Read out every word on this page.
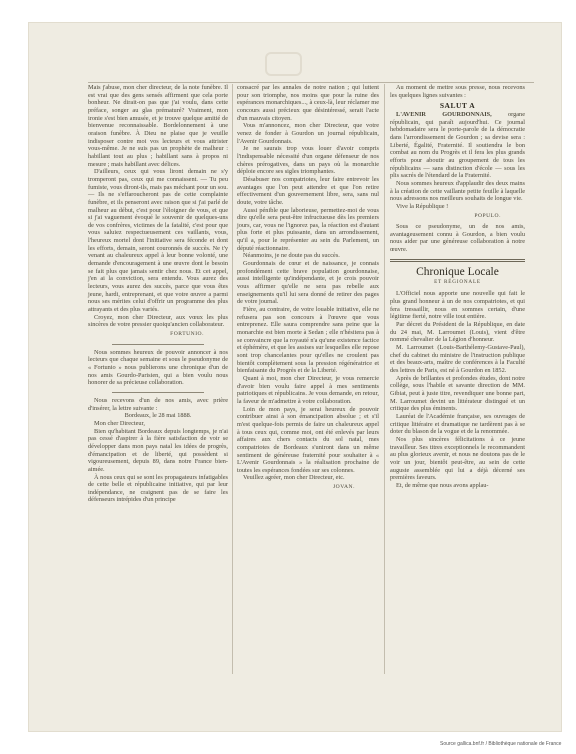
Mais j'abuse, mon cher directeur, de la note funèbre. Il est vrai que des gens sensés affirment que cela porte bonheur. Ne dirait-on pas que j'ai voulu, dans cette préface, songer au glas prématuré? Vraiment, mon ironie s'est bien amusée, et je trouve quelque amitié de bienvenue reconnaissable. Bordelonnement à une oraison funèbre. À Dieu ne plaise que je veuille indisposer contre moi vos lecteurs et vous attrister vous-même. Je ne suis pas un prophète de malheur : habillant tout au plus ; habillant sans à propos ni mesure ; mais habillant avec délices.

D'ailleurs, ceux qui vous liront demain ne s'y tromperont pas, ceux qui me connaissent. — Tu peu fumiste, vous diront-ils, mais pas méchant pour un sou. — Ils ne s'effaroucheront pas de cette complainte funèbre, et ils penseront avec raison que si j'ai parlé de malheur au début, c'est pour l'éloigner de vous, et que si j'ai vaguement évoqué le souvenir de quelques-uns de vos confrères, victimes de la fatalité, c'est pour que vous saluiez respectueusement ces vaillants, vous, l'heureux mortel dont l'initiative sera féconde et dont les efforts, demain, seront couronnés de succès. Ne t'y venant au chaleureux appel à leur bonne volonté, une demande d'encouragement à une œuvre dont le besoin se fait plus que jamais sentir chez nous. Et cet appel, j'en ai la conviction, sera entendu. Vous aurez des lecteurs, vous aurez des succès, parce que vous êtes jeune, hardi, entreprenant, et que votre œuvre a parmi nous ses mérites celui d'offrir un programme des plus attrayants et des plus variés.

Croyez, mon cher Directeur, aux vœux les plus sincères de votre pressier quoiqu'ancien collaborateur.

FORTUNIO.

Nous sommes heureux de pouvoir annoncer à nos lecteurs que chaque semaine et sous le pseudonyme de « Fortunio » nous publierons une chronique d'un de nos amis Gourdo-Parisien, qui a bien voulu nous honorer de sa précieuse collaboration.

Nous recevons d'un de nos amis, avec prière d'insérer, la lettre suivante :

Bordeaux, le 28 mai 1888.

Mon cher Directeur,

Bien qu'habitant Bordeaux depuis longtemps, je n'ai pas cessé d'aspirer à la fière satisfaction de voir se développer dans mon pays natal les idées de progrès, d'émancipation et de liberté, qui possèdent si vigoureusement, depuis 89, dans notre France bien-aimée.

À nous ceux qui se sont les propagateurs infatigables de cette belle et républicaine initiative, qui par leur indépendance, ne craignent pas de se faire les défenseurs intrépides d'un principe

consacré par les annales de notre nation ; qui luttent pour son triomphe, nos moins que pour la ruine des espérances monarchiques..., à ceux-là, leur réclamer me concours aussi précieux que désintéressé, serait l'acte d'un mauvais citoyen.

Vous m'annoncez, mon cher Directeur, que votre venez de fonder à Gourdon un journal républicain, l'Avenir Gourdonnais.

Je ne saurais trop vous louer d'avoir compris l'indispensable nécessité d'un organe défenseur de nos chères prérogatives, dans un pays où la monarchie déploie encore ses sigles triomphantes.

Désabuser nos compatriotes, leur faire entrevoir les avantages que l'on peut attendre et que l'on retire effectivement d'un gouvernement libre, sera, sans nul doute, votre tâche.

Aussi pénible que laborieuse, permettez-moi de vous dire qu'elle sera peut-être infructueuse dès les premiers jours, car, vous ne l'ignorez pas, la réaction est d'autant plus forte et plus puissante, dans un arrondissement, qu'il a, pour le représenter au sein du Parlement, un député réactionnaire.

Néanmoins, je ne doute pas du succès.

Gourdonnais de cœur et de naissance, je connais profondément cette brave population gourdonnaise, aussi intelligente qu'indépendante, et je crois pouvoir vous affirmer qu'elle ne sera pas rebelle aux enseignements qu'il lui sera donné de retirer des pages de votre journal.

Fière, au contraire, de votre louable initiative, elle ne refusera pas son concours à l'œuvre que vous entreprenez. Elle saura comprendre sans peine que la monarchie est bien morte à Sedan ; elle n'hésitera pas à se convaincre que la royauté n'a qu'une existence factice et éphémère, et que les assises sur lesquelles elle repose sont trop chancelantes pour qu'elles ne croulent pas bientôt complètement sous la pression régénératrice et bienfaisante du Progrès et de la Liberté.

Quant à moi, mon cher Directeur, je vous remercie d'avoir bien voulu faire appel à mes sentiments patriotiques et républicains. Je vous demande, en retour, la faveur de m'admettre à votre collaboration.

Loin de mon pays, je serai heureux de pouvoir contribuer ainsi à son émancipation absolue ; et s'il m'est quelque-fois permis de faire un chaleureux appel à tous ceux qui, comme moi, ont été enlevés par leurs affaires aux chers contacts du sol natal, mes compatriotes de Bordeaux s'uniront dans un même sentiment de généreuse fraternité pour souhaiter à « L'Avenir Gourdonnais » la réalisation prochaine de toutes les espérances fondées sur ses colonnes.

Veuillez agréer, mon cher Directeur, etc.

JOVAN.

Au moment de mettre sous presse, nous recevons les quelques lignes suivantes :

SALUT A

L'AVENIR GOURDONNAIS,	organe républicain, qui paraît aujourd'hui. Ce journal hebdomadaire sera le porte-parole de la démocratie dans l'arrondissement de Gourdon ; sa devise sera : Liberté, Égalité, Fraternité. Il soutiendra le bon combat au nom du Progrès et il fera les plus grands efforts pour aboutir au groupement de tous les républicains — sans distinction d'école — sous les plis sacrés de l'étendard de la Fraternité.

Nous sommes heureux d'applaudir des deux mains à la création de cette vaillante petite feuille à laquelle nous adressons nos meilleurs souhaits de longue vie.

Vive la République !

POPULO.

Sous ce pseudonyme, un de nos amis, avantageusement connu à Gourdon, a bien voulu nous aider par une généreuse collaboration à notre œuvre.

Chronique Locale
ET RÉGIONALE

L'Officiel nous apporte une nouvelle qui fait le plus grand honneur à un de nos compatriotes, et qui fera tressaillir, nous en sommes certain, d'une légitime fierté, notre ville tout entière.

Par décret du Président de la République, en date du 24 mai, M. Larroumet (Louis), vient d'être nommé chevalier de la Légion d'honneur.

M. Larroumet (Louis-Barthélemy-Gustave-Paul), chef du cabinet du ministre de l'instruction publique et des beaux-arts, maître de conférences à la Faculté des lettres de Paris, est né à Gourdon en 1852.

Après de brillantes et profondes études, dont notre collège, sous l'habile et savante direction de MM. Gibiat, peut à juste titre, revendiquer une bonne part, M. Larroumet devint un littérateur distingué et un critique des plus éminents.

Lauréat de l'Académie française, ses ouvrages de critique littéraire et dramatique ne tardèrent pas à se doter du blason de la vogue et de la renommée.

Nos plus sincères félicitations à ce jeune travailleur. Ses titres exceptionnels le recommandent au plus glorieux avenir, et nous ne doutons pas de le voir un jour, bientôt peut-être, au sein de cette auguste assemblée qui lui a déjà décerné ses premières faveurs.

Et, de même que nous avons applau-

Source gallica.bnf.fr / Bibliothèque nationale de France
